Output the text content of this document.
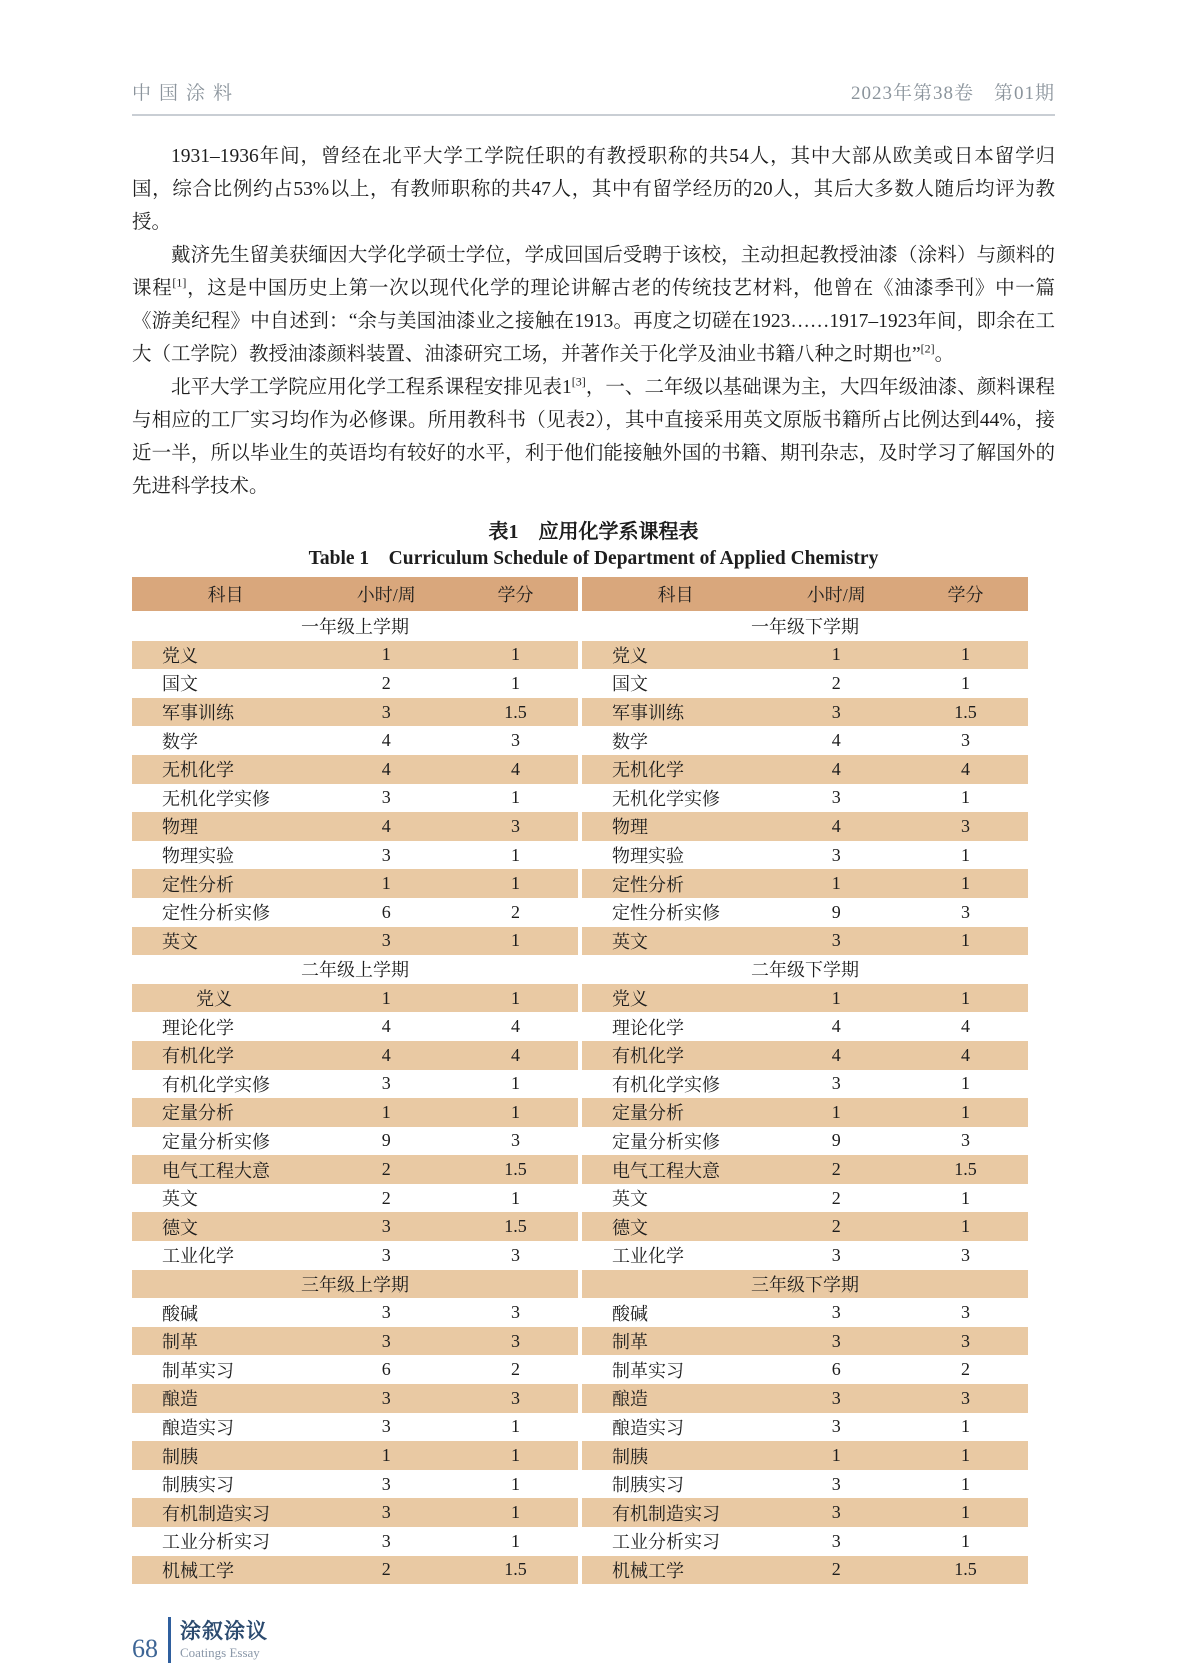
中国涂料	2023年第38卷　第01期

1931–1936年间，曾经在北平大学工学院任职的有教授职称的共54人，其中大部从欧美或日本留学归国，综合比例约占53%以上，有教师职称的共47人，其中有留学经历的20人，其后大多数人随后均评为教授。

戴济先生留美获缅因大学化学硕士学位，学成回国后受聘于该校，主动担起教授油漆（涂料）与颜料的课程[1]，这是中国历史上第一次以现代化学的理论讲解古老的传统技艺材料，他曾在《油漆季刊》中一篇《游美纪程》中自述到：“余与美国油漆业之接触在1913。再度之切磋在1923……1917–1923年间，即余在工大（工学院）教授油漆颜料装置、油漆研究工场，并著作关于化学及油业书籍八种之时期也”[2]。

北平大学工学院应用化学工程系课程安排见表1[3]，一、二年级以基础课为主，大四年级油漆、颜料课程与相应的工厂实习均作为必修课。所用教科书（见表2），其中直接采用英文原版书籍所占比例达到44%，接近一半，所以毕业生的英语均有较好的水平，利于他们能接触外国的书籍、期刊杂志，及时学习了解国外的先进科学技术。

表1　应用化学系课程表
Table 1　Curriculum Schedule of Department of Applied Chemistry
科目	小时/周	学分
一年级上学期
党义	1	1
国文	2	1
军事训练	3	1.5
数学	4	3
无机化学	4	4
无机化学实修	3	1
物理	4	3
物理实验	3	1
定性分析	1	1
定性分析实修	6	2
英文	3	1
二年级上学期
党义	1	1
理论化学	4	4
有机化学	4	4
有机化学实修	3	1
定量分析	1	1
定量分析实修	9	3
电气工程大意	2	1.5
英文	2	1
德文	3	1.5
工业化学	3	3
三年级上学期
酸碱	3	3
制革	3	3
制革实习	6	2
酿造	3	3
酿造实习	3	1
制胰	1	1
制胰实习	3	1
有机制造实习	3	1
工业分析实习	3	1
机械工学	2	1.5
科目	小时/周	学分
一年级下学期
党义	1	1
国文	2	1
军事训练	3	1.5
数学	4	3
无机化学	4	4
无机化学实修	3	1
物理	4	3
物理实验	3	1
定性分析	1	1
定性分析实修	9	3
英文	3	1
二年级下学期
党义	1	1
理论化学	4	4
有机化学	4	4
有机化学实修	3	1
定量分析	1	1
定量分析实修	9	3
电气工程大意	2	1.5
英文	2	1
德文	2	1
工业化学	3	3
三年级下学期
酸碱	3	3
制革	3	3
制革实习	6	2
酿造	3	3
酿造实习	3	1
制胰	1	1
制胰实习	3	1
有机制造实习	3	1
工业分析实习	3	1
机械工学	2	1.5
68
涂叙涂议
Coatings Essay
